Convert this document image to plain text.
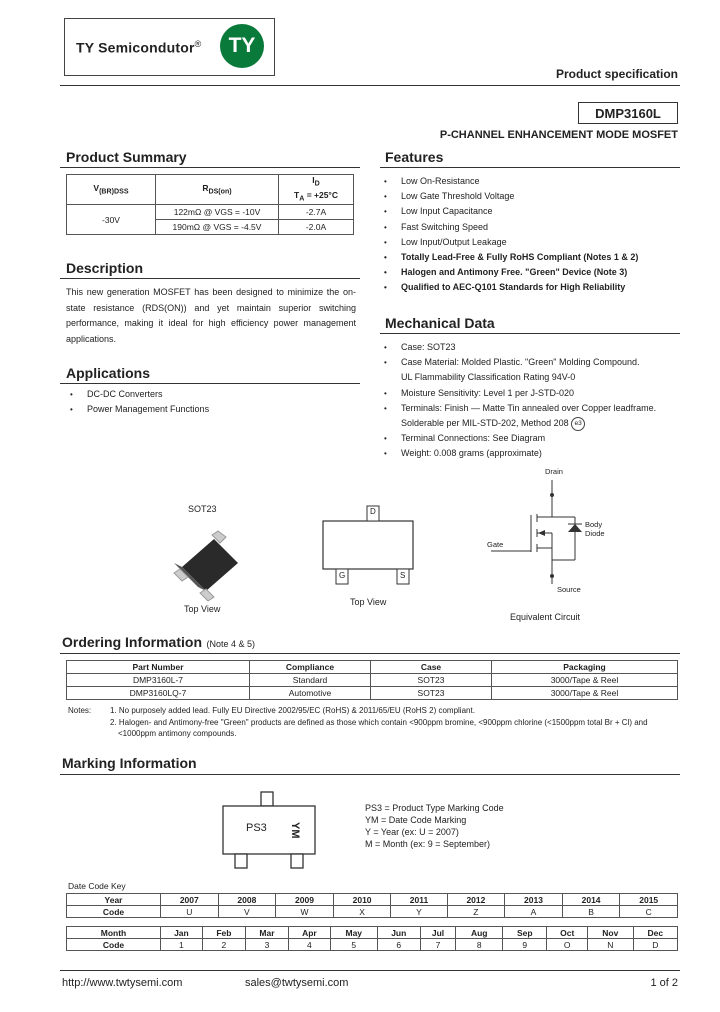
TY Semicondutor®	TY
Product specification
DMP3160L
P-CHANNEL ENHANCEMENT MODE MOSFET
Product Summary
$V_{(BR)DSS}$	$R_{DS(on)}$	$I_D$
$T_A = +25^\circ C$
-30V	122mΩ @ VGS = -10V	-2.7A
	190mΩ @ VGS = -4.5V	-2.0A
Description
This new generation MOSFET has been designed to minimize the on-state resistance (RDS(ON)) and yet maintain superior switching performance, making it ideal for high efficiency power management applications.
Applications
• DC-DC Converters
• Power Management Functions
Features
• Low On-Resistance
• Low Gate Threshold Voltage
• Low Input Capacitance
• Fast Switching Speed
• Low Input/Output Leakage
• Totally Lead-Free & Fully RoHS Compliant (Notes 1 & 2)
• Halogen and Antimony Free. "Green" Device (Note 3)
• Qualified to AEC-Q101 Standards for High Reliability
Mechanical Data
• Case: SOT23
• Case Material: Molded Plastic. "Green" Molding Compound.
UL Flammability Classification Rating 94V-0
• Moisture Sensitivity: Level 1 per J-STD-020
• Terminals: Finish — Matte Tin annealed over Copper leadframe.
Solderable per MIL-STD-202, Method 208 e3
• Terminal Connections: See Diagram
• Weight: 0.008 grams (approximate)
SOT23
Top View
D
G	S
Top View
Drain
Gate
Source
Body
Diode
Equivalent Circuit
Ordering Information (Note 4 & 5)
Part Number	Compliance	Case	Packaging
DMP3160L-7	Standard	SOT23	3000/Tape & Reel
DMP3160LQ-7	Automotive	SOT23	3000/Tape & Reel
Notes: 1. No purposely added lead. Fully EU Directive 2002/95/EC (RoHS) & 2011/65/EU (RoHS 2) compliant.
2. Halogen- and Antimony-free "Green" products are defined as those which contain <900ppm bromine, <900ppm chlorine (<1500ppm total Br + Cl) and
<1000ppm antimony compounds.
Marking Information
PS3 YM
PS3 = Product Type Marking Code
YM = Date Code Marking
Y = Year (ex: U = 2007)
M = Month (ex: 9 = September)
Date Code Key
Year	2007	2008	2009	2010	2011	2012	2013	2014	2015
Code	U	V	W	X	Y	Z	A	B	C
Month	Jan	Feb	Mar	Apr	May	Jun	Jul	Aug	Sep	Oct	Nov	Dec
Code	1	2	3	4	5	6	7	8	9	O	N	D
http://www.twtysemi.com	sales@twtysemi.com	1 of 2
